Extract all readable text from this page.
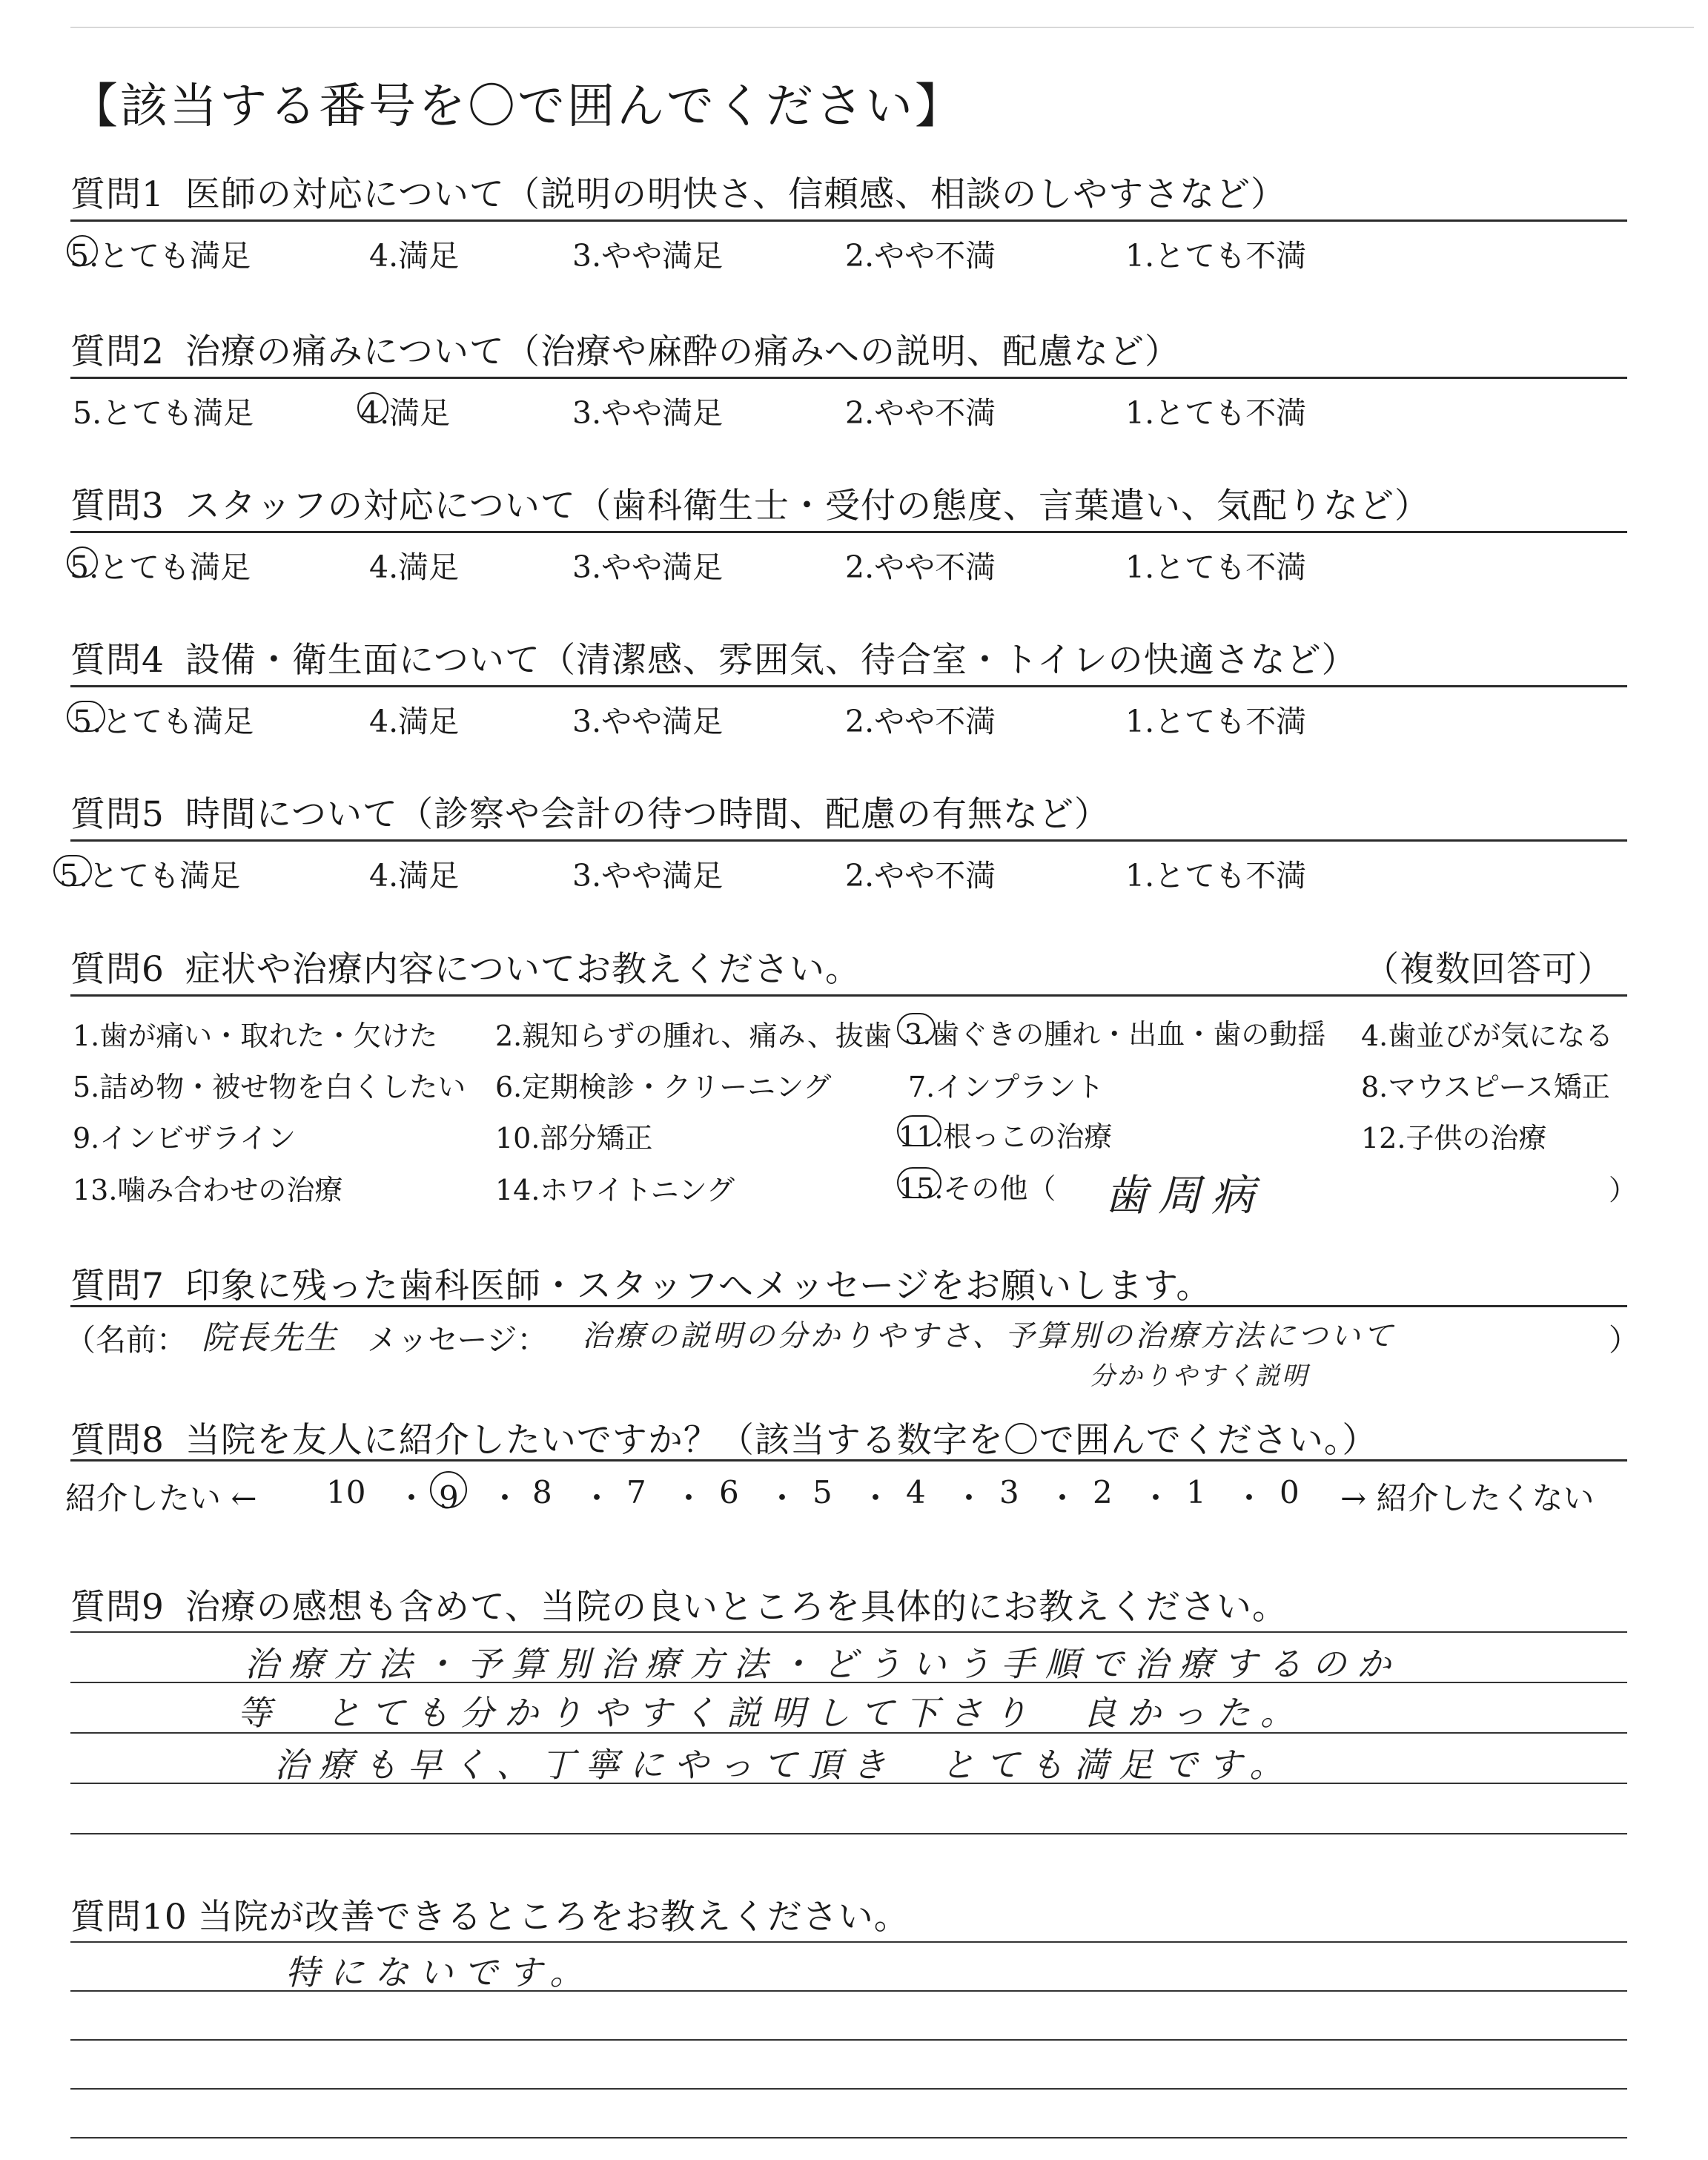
【該当する番号を〇で囲んでください】
質問1 医師の対応について（説明の明快さ、信頼感、相談のしやすさなど）
5.とても満足	4.満足	3.やや満足	2.やや不満	1.とても不満
質問2 治療の痛みについて（治療や麻酔の痛みへの説明、配慮など）
5.とても満足	4.満足	3.やや満足	2.やや不満	1.とても不満
質問3 スタッフの対応について（歯科衛生士・受付の態度、言葉遣い、気配りなど）
5.とても満足	4.満足	3.やや満足	2.やや不満	1.とても不満
質問4 設備・衛生面について（清潔感、雰囲気、待合室・トイレの快適さなど）
5.とても満足	4.満足	3.やや満足	2.やや不満	1.とても不満
質問5 時間について（診察や会計の待つ時間、配慮の有無など）
5.とても満足	4.満足	3.やや満足	2.やや不満	1.とても不満
質問6 症状や治療内容についてお教えください。	（複数回答可）
1.歯が痛い・取れた・欠けた 2.親知らずの腫れ、痛み、抜歯 3.歯ぐきの腫れ・出血・歯の動揺 4.歯並びが気になる
5.詰め物・被せ物を白くしたい 6.定期検診・クリーニング	7.インプラント	8.マウスピース矯正
9.インビザライン	10.部分矯正	11.根っこの治療	12.子供の治療
13.噛み合わせの治療	14.ホワイトニング	15.その他（ 歯周病	）
質問7 印象に残った歯科医師・スタッフへメッセージをお願いします。
（名前： 院長先生 メッセージ： 治療の説明の分かりやすさ、予算別の治療方法について
分かりやすく説明
）
質問8 当院を友人に紹介したいですか？（該当する数字を〇で囲んでください。）
紹介したい ←	→ 紹介したくない
10 ・ 9 ・ 8 ・ 7 ・ 6 ・ 5 ・ 4 ・ 3 ・ 2 ・ 1 ・ 0
質問9 治療の感想も含めて、当院の良いところを具体的にお教えください。
治療方法・予算別治療方法・どういう手順で治療するのか
等　とても分かりやすく説明して下さり　良かった。
治療も早く、丁寧にやって頂き　とても満足です。
質問10 当院が改善できるところをお教えください。
特にないです。
